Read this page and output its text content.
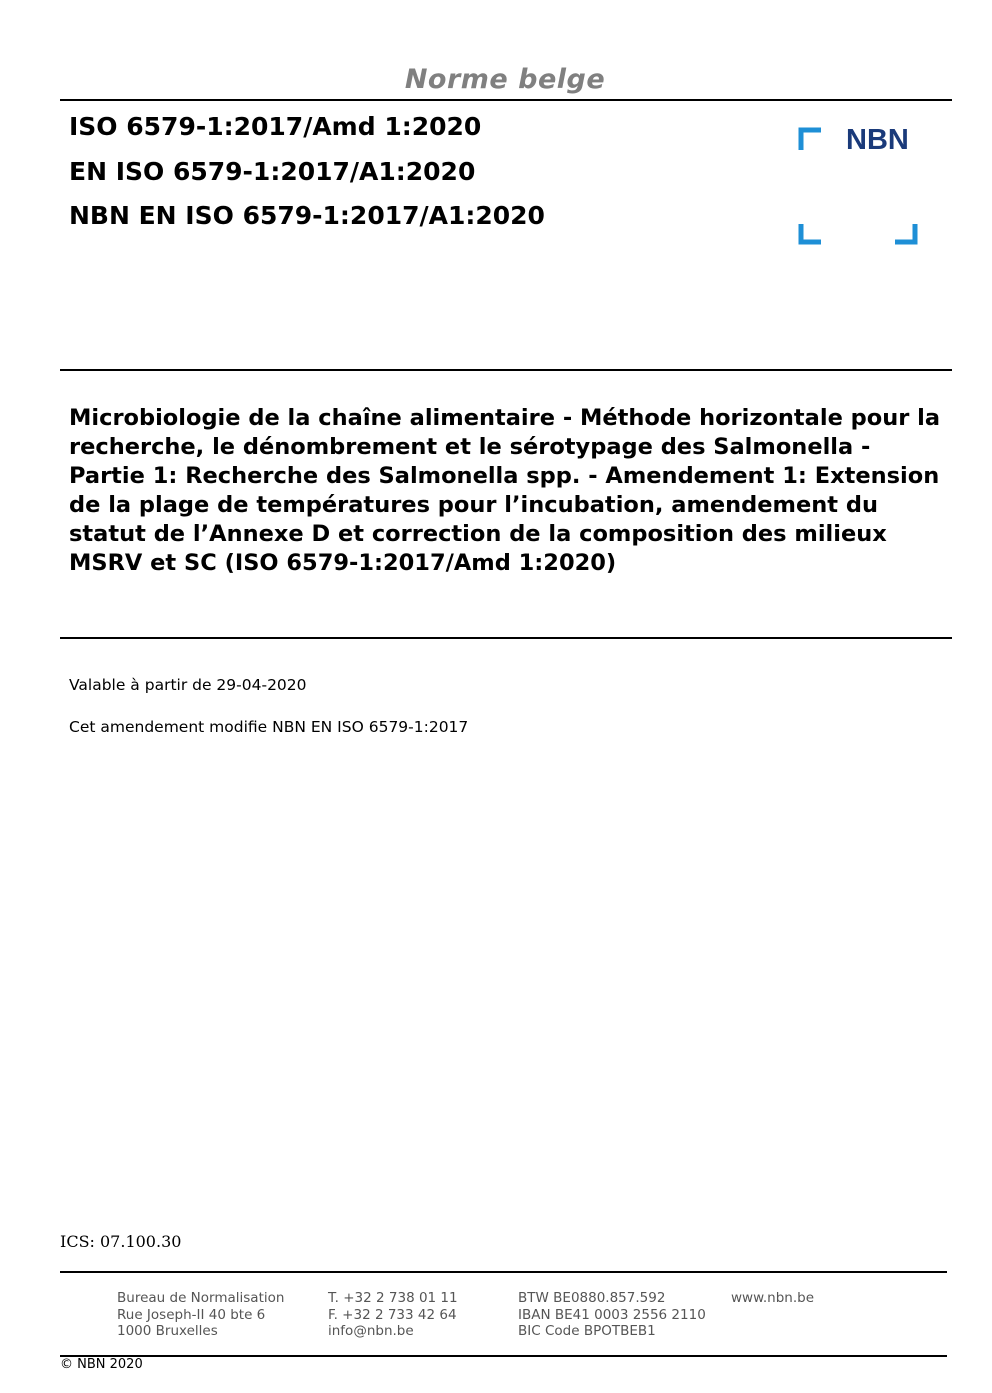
Norme belge
ISO 6579-1:2017/Amd 1:2020
EN ISO 6579-1:2017/A1:2020
NBN EN ISO 6579-1:2017/A1:2020
NBN
Microbiologie de la chaîne alimentaire - Méthode horizontale pour la recherche, le dénombrement et le sérotypage des Salmonella - Partie 1: Recherche des Salmonella spp. - Amendement 1: Extension de la plage de températures pour l’incubation, amendement du statut de l’Annexe D et correction de la composition des milieux MSRV et SC (ISO 6579-1:2017/Amd 1:2020)
Valable à partir de 29-04-2020
Cet amendement modifie NBN EN ISO 6579-1:2017
ICS: 07.100.30
Bureau de Normalisation
Rue Joseph-II 40 bte 6
1000 Bruxelles
T. +32 2 738 01 11
F. +32 2 733 42 64
info@nbn.be
BTW BE0880.857.592
IBAN BE41 0003 2556 2110
BIC Code BPOTBEB1
www.nbn.be
© NBN 2020
